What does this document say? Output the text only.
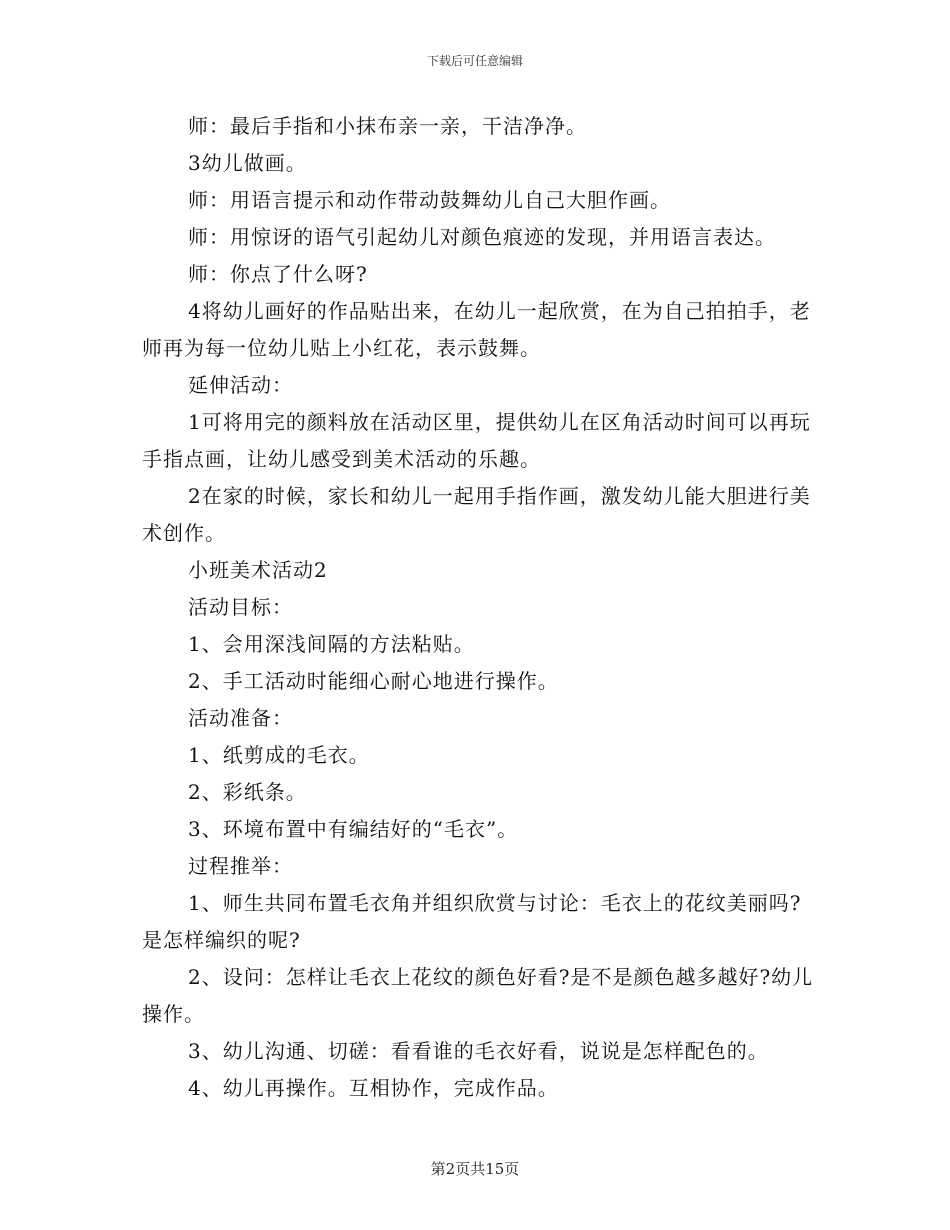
下载后可任意编辑

师：最后手指和小抹布亲一亲，干洁净净。

3幼儿做画。

师：用语言提示和动作带动鼓舞幼儿自己大胆作画。

师：用惊讶的语气引起幼儿对颜色痕迹的发现，并用语言表达。

师：你点了什么呀?

4将幼儿画好的作品贴出来，在幼儿一起欣赏，在为自己拍拍手，老师再为每一位幼儿贴上小红花，表示鼓舞。

延伸活动：

1可将用完的颜料放在活动区里，提供幼儿在区角活动时间可以再玩手指点画，让幼儿感受到美术活动的乐趣。

2在家的时候，家长和幼儿一起用手指作画，激发幼儿能大胆进行美术创作。

小班美术活动2

活动目标：

1、会用深浅间隔的方法粘贴。

2、手工活动时能细心耐心地进行操作。

活动准备：

1、纸剪成的毛衣。

2、彩纸条。

3、环境布置中有编结好的“毛衣”。

过程推举：

1、师生共同布置毛衣角并组织欣赏与讨论：毛衣上的花纹美丽吗?是怎样编织的呢?

2、设问：怎样让毛衣上花纹的颜色好看?是不是颜色越多越好?幼儿操作。

3、幼儿沟通、切磋：看看谁的毛衣好看，说说是怎样配色的。

4、幼儿再操作。互相协作，完成作品。

第2页共15页
